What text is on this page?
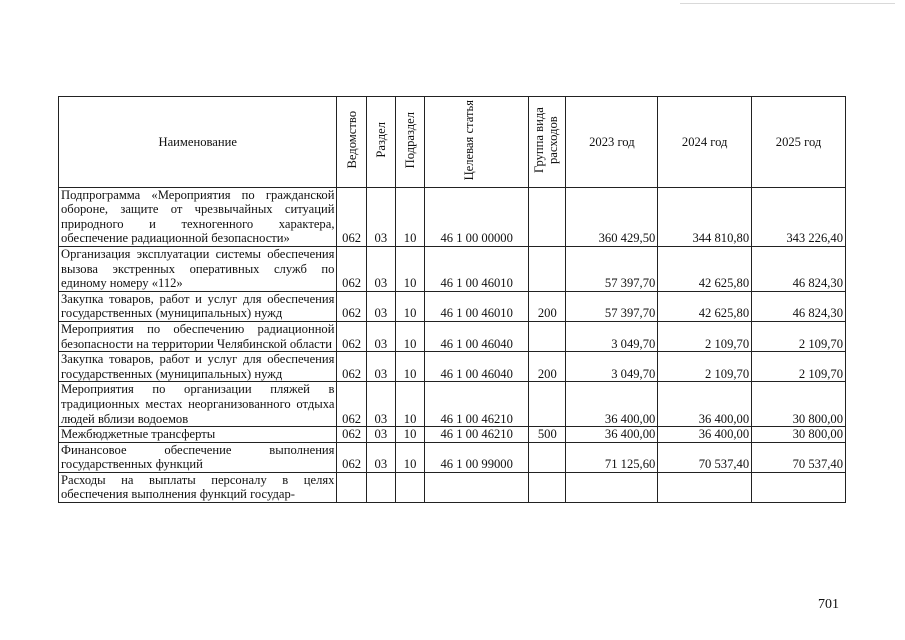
Наименование	Ведомство	Раздел	Подраздел	Целевая статья	Группа вида расходов	2023 год	2024 год	2025 год
Подпрограмма «Мероприятия по гражданской обороне, защите от чрезвычайных ситуаций природного и техногенного характера, обеспечение радиационной безопасности»	062	03	10	46 1 00 00000		360 429,50	344 810,80	343 226,40
Организация эксплуатации системы обеспечения вызова экстренных оперативных служб по единому номеру «112»	062	03	10	46 1 00 46010		57 397,70	42 625,80	46 824,30
Закупка товаров, работ и услуг для обеспечения государственных (муниципальных) нужд	062	03	10	46 1 00 46010	200	57 397,70	42 625,80	46 824,30
Мероприятия по обеспечению радиационной безопасности на территории Челябинской области	062	03	10	46 1 00 46040		3 049,70	2 109,70	2 109,70
Закупка товаров, работ и услуг для обеспечения государственных (муниципальных) нужд	062	03	10	46 1 00 46040	200	3 049,70	2 109,70	2 109,70
Мероприятия по организации пляжей в традиционных местах неорганизованного отдыха людей вблизи водоемов	062	03	10	46 1 00 46210		36 400,00	36 400,00	30 800,00
Межбюджетные трансферты	062	03	10	46 1 00 46210	500	36 400,00	36 400,00	30 800,00
Финансовое обеспечение выполнения государственных функций	062	03	10	46 1 00 99000		71 125,60	70 537,40	70 537,40
Расходы на выплаты персоналу в целях обеспечения выполнения функций государ-								
701
